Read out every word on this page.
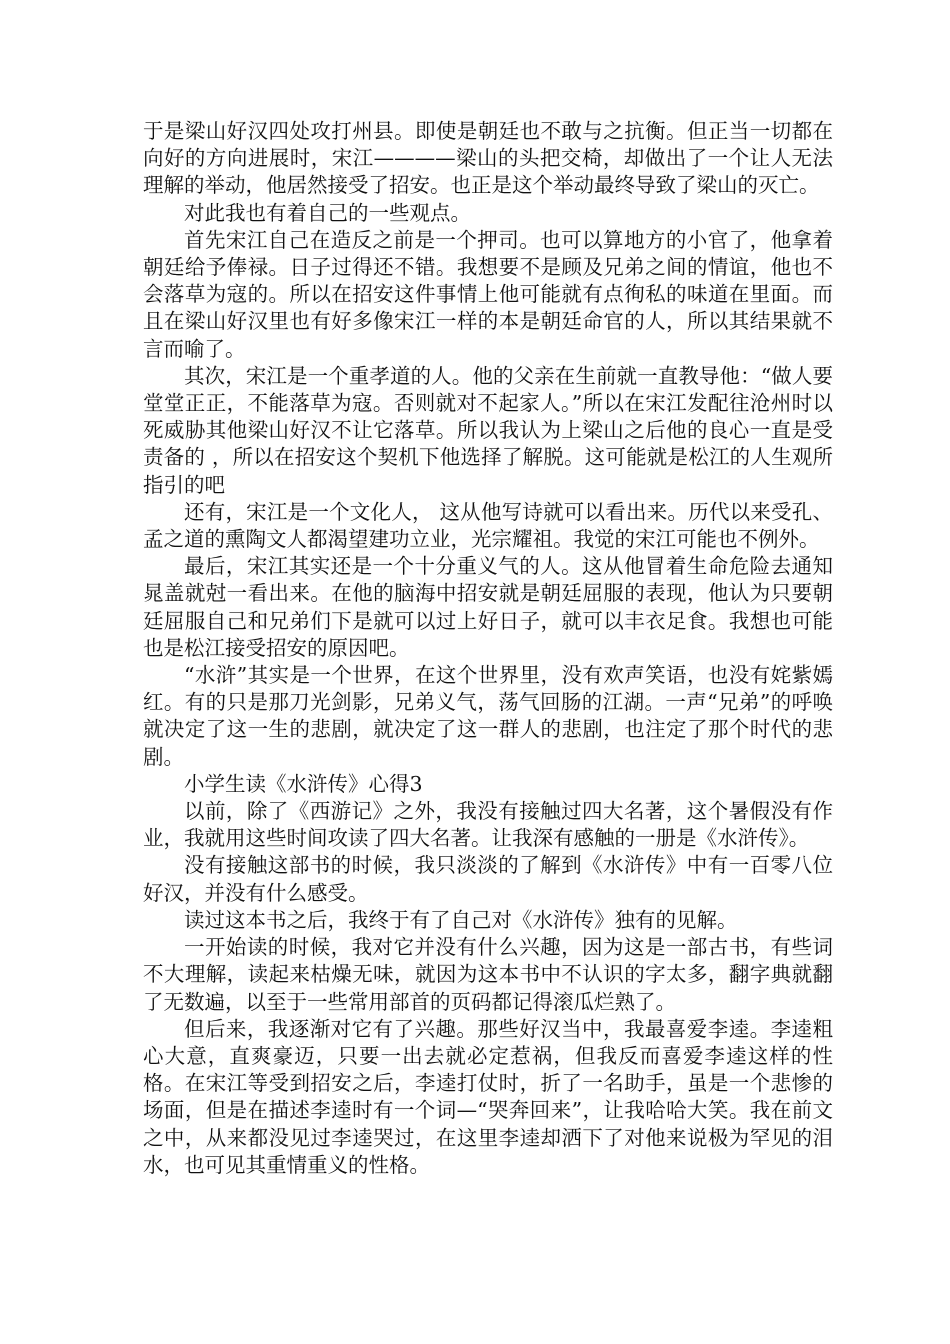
于是梁山好汉四处攻打州县。即使是朝廷也不敢与之抗衡。但正当一切都在向好的方向进展时，宋江————梁山的头把交椅，却做出了一个让人无法理解的举动，他居然接受了招安。也正是这个举动最终导致了梁山的灭亡。

对此我也有着自己的一些观点。

首先宋江自己在造反之前是一个押司。也可以算地方的小官了，他拿着朝廷给予俸禄。日子过得还不错。我想要不是顾及兄弟之间的情谊，他也不会落草为寇的。所以在招安这件事情上他可能就有点徇私的味道在里面。而且在梁山好汉里也有好多像宋江一样的本是朝廷命官的人，所以其结果就不言而喻了。

其次，宋江是一个重孝道的人。他的父亲在生前就一直教导他：“做人要堂堂正正，不能落草为寇。否则就对不起家人。”所以在宋江发配往沧州时以死威胁其他梁山好汉不让它落草。所以我认为上梁山之后他的良心一直是受责备的 ，所以在招安这个契机下他选择了解脱。这可能就是松江的人生观所指引的吧

还有，宋江是一个文化人， 这从他写诗就可以看出来。历代以来受孔、孟之道的熏陶文人都渴望建功立业，光宗耀祖。我觉的宋江可能也不例外。

最后，宋江其实还是一个十分重义气的人。这从他冒着生命危险去通知晁盖就尅一看出来。在他的脑海中招安就是朝廷屈服的表现，他认为只要朝廷屈服自己和兄弟们下是就可以过上好日子，就可以丰衣足食。我想也可能也是松江接受招安的原因吧。

“水浒”其实是一个世界，在这个世界里，没有欢声笑语，也没有姹紫嫣红。有的只是那刀光剑影，兄弟义气，荡气回肠的江湖。一声“兄弟”的呼唤就决定了这一生的悲剧，就决定了这一群人的悲剧，也注定了那个时代的悲剧。

小学生读《水浒传》心得3

以前，除了《西游记》之外，我没有接触过四大名著，这个暑假没有作业，我就用这些时间攻读了四大名著。让我深有感触的一册是《水浒传》。

没有接触这部书的时候，我只淡淡的了解到《水浒传》中有一百零八位好汉，并没有什么感受。

读过这本书之后，我终于有了自己对《水浒传》独有的见解。

一开始读的时候，我对它并没有什么兴趣，因为这是一部古书，有些词不大理解，读起来枯燥无味，就因为这本书中不认识的字太多，翻字典就翻了无数遍，以至于一些常用部首的页码都记得滚瓜烂熟了。

但后来，我逐渐对它有了兴趣。那些好汉当中，我最喜爱李逵。李逵粗心大意，直爽豪迈，只要一出去就必定惹祸，但我反而喜爱李逵这样的性格。在宋江等受到招安之后，李逵打仗时，折了一名助手，虽是一个悲惨的场面，但是在描述李逵时有一个词—“哭奔回来”，让我哈哈大笑。我在前文之中，从来都没见过李逵哭过，在这里李逵却洒下了对他来说极为罕见的泪水，也可见其重情重义的性格。
